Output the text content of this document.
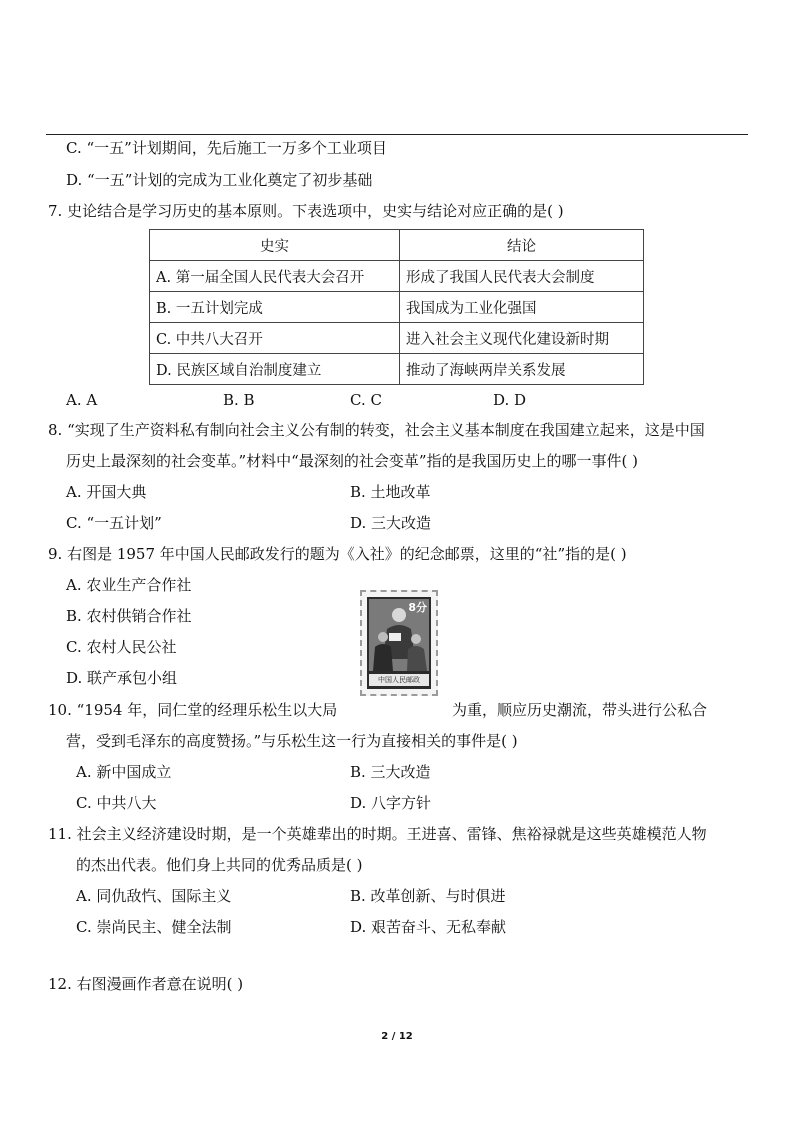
C. “一五”计划期间，先后施工一万多个工业项目
D. “一五”计划的完成为工业化奠定了初步基础
7. 史论结合是学习历史的基本原则。下表选项中，史实与结论对应正确的是( )
史实	结论
A. 第一届全国人民代表大会召开	形成了我国人民代表大会制度
B. 一五计划完成	我国成为工业化强国
C. 中共八大召开	进入社会主义现代化建设新时期
D. 民族区域自治制度建立	推动了海峡两岸关系发展
A. A	B. B	C. C	D. D
8. “实现了生产资料私有制向社会主义公有制的转变，社会主义基本制度在我国建立起来，这是中国
历史上最深刻的社会变革。”材料中“最深刻的社会变革”指的是我国历史上的哪一事件( )
A. 开国大典	B. 土地改革
C. “一五计划”	D. 三大改造
9. 右图是 1957 年中国人民邮政发行的题为《入社》的纪念邮票，这里的“社”指的是( )
A. 农业生产合作社
B. 农村供销合作社
C. 农村人民公社
D. 联产承包小组
8分
中国人民邮政
10. “1954 年，同仁堂的经理乐松生以大局	为重，顺应历史潮流，带头进行公私合
营，受到毛泽东的高度赞扬。”与乐松生这一行为直接相关的事件是( )
A. 新中国成立	B. 三大改造
C. 中共八大	D. 八字方针
11. 社会主义经济建设时期，是一个英雄辈出的时期。王进喜、雷锋、焦裕禄就是这些英雄模范人物
的杰出代表。他们身上共同的优秀品质是( )
A. 同仇敌忾、国际主义	B. 改革创新、与时俱进
C. 崇尚民主、健全法制	D. 艰苦奋斗、无私奉献
12. 右图漫画作者意在说明( )
2 / 12
